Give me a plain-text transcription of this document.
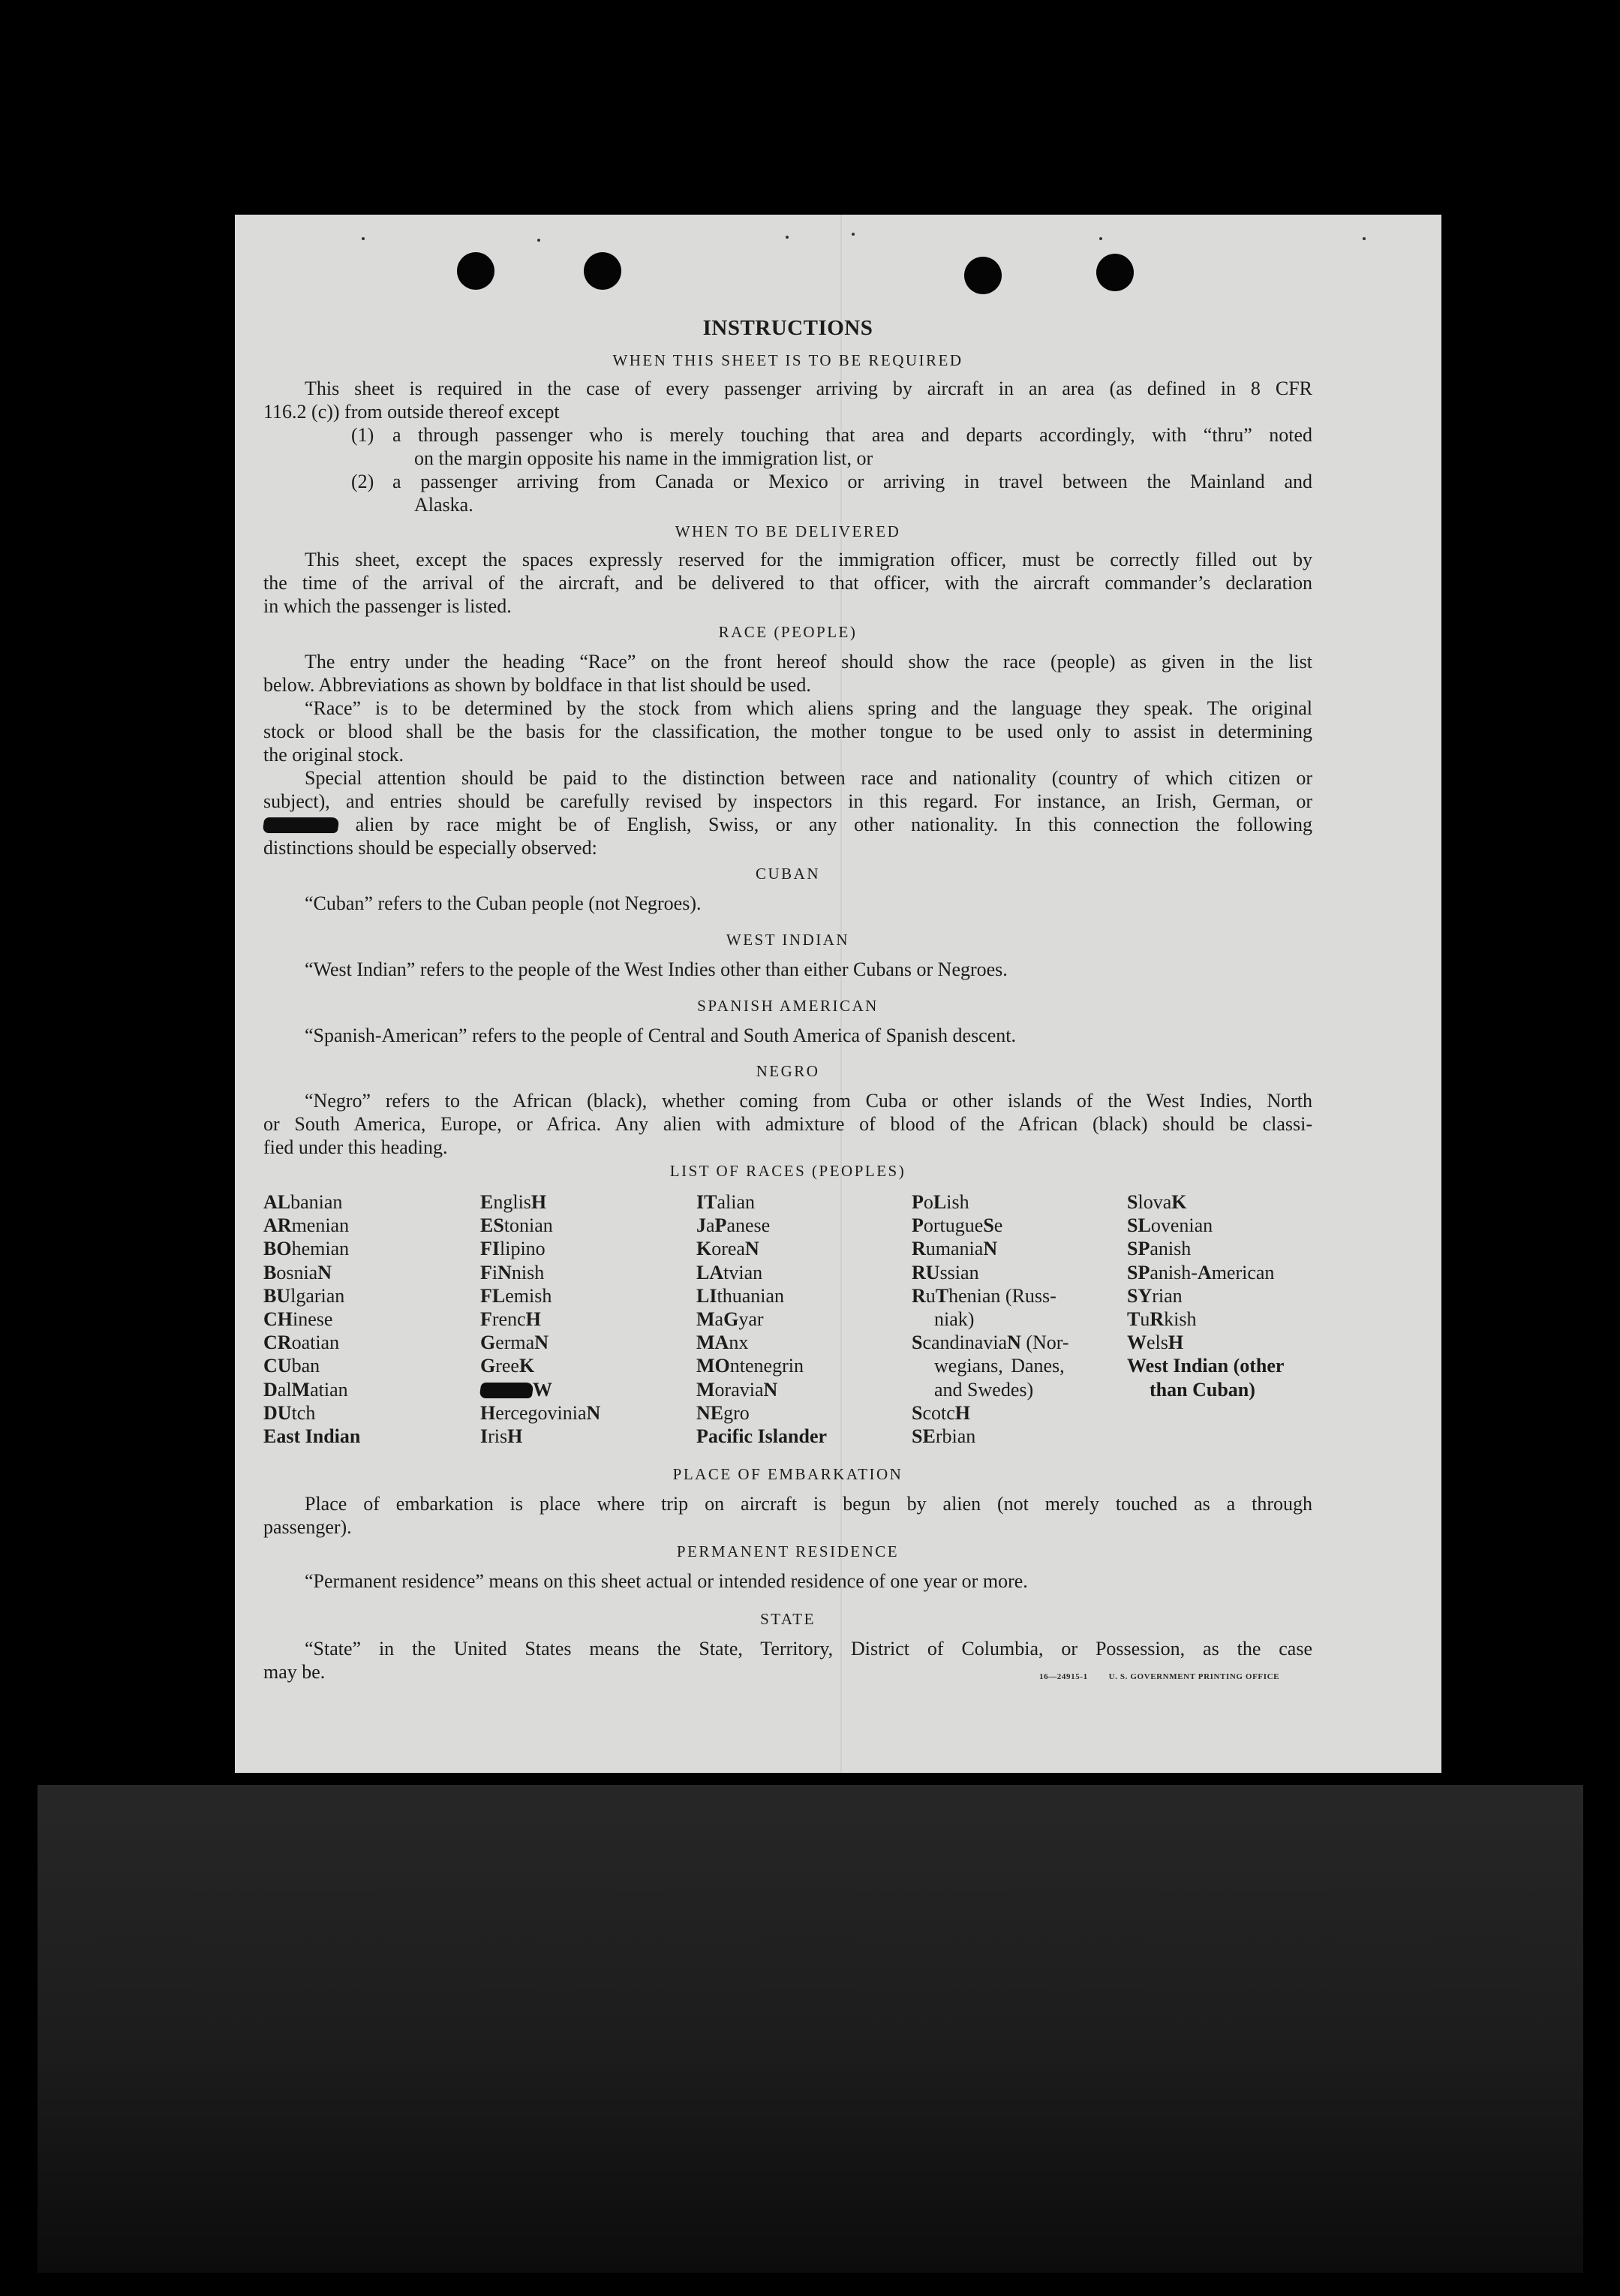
INSTRUCTIONS
WHEN THIS SHEET IS TO BE REQUIRED
This sheet is required in the case of every passenger arriving by aircraft in an area (as defined in 8 CFR
116.2 (c)) from outside thereof except
(1) a through passenger who is merely touching that area and departs accordingly, with “thru” noted
on the margin opposite his name in the immigration list, or
(2) a passenger arriving from Canada or Mexico or arriving in travel between the Mainland and
Alaska.
WHEN TO BE DELIVERED
This sheet, except the spaces expressly reserved for the immigration officer, must be correctly filled out by
the time of the arrival of the aircraft, and be delivered to that officer, with the aircraft commander’s declaration
in which the passenger is listed.
RACE (PEOPLE)
The entry under the heading “Race” on the front hereof should show the race (people) as given in the list
below. Abbreviations as shown by boldface in that list should be used.
“Race” is to be determined by the stock from which aliens spring and the language they speak. The original
stock or blood shall be the basis for the classification, the mother tongue to be used only to assist in determining
the original stock.
Special attention should be paid to the distinction between race and nationality (country of which citizen or
subject), and entries should be carefully revised by inspectors in this regard. For instance, an Irish, German, or
alien by race might be of English, Swiss, or any other nationality. In this connection the following
distinctions should be especially observed:
CUBAN
“Cuban” refers to the Cuban people (not Negroes).
WEST INDIAN
“West Indian” refers to the people of the West Indies other than either Cubans or Negroes.
SPANISH AMERICAN
“Spanish-American” refers to the people of Central and South America of Spanish descent.
NEGRO
“Negro” refers to the African (black), whether coming from Cuba or other islands of the West Indies, North
or South America, Europe, or Africa. Any alien with admixture of blood of the African (black) should be classi-
fied under this heading.
LIST OF RACES (PEOPLES)
ALbanian
ARmenian
BOhemian
BosniaN
BUlgarian
CHinese
CRoatian
CUban
DalMatian
DUtch
East Indian
EnglisH
EStonian
FIlipino
FiNnish
FLemish
FrencH
GermaN
GreeK
W
HercegoviniaN
IrisH
ITalian
JaPanese
KoreaN
LAtvian
LIthuanian
MaGyar
MAnx
MOntenegrin
MoraviaN
NEgro
Pacific Islander
PoLish
PortugueSe
RumaniaN
RUssian
RuThenian (Russ-
niak)
ScandinaviaN (Nor-
wegians, Danes,
and Swedes)
ScotcH
SErbian
SlovaK
SLovenian
SPanish
SPanish-American
SYrian
TuRkish
WelsH
West Indian (other
than Cuban)
PLACE OF EMBARKATION
Place of embarkation is place where trip on aircraft is begun by alien (not merely touched as a through
passenger).
PERMANENT RESIDENCE
“Permanent residence” means on this sheet actual or intended residence of one year or more.
STATE
“State” in the United States means the State, Territory, District of Columbia, or Possession, as the case
may be.	16—24915-1	U. S. GOVERNMENT PRINTING OFFICE
